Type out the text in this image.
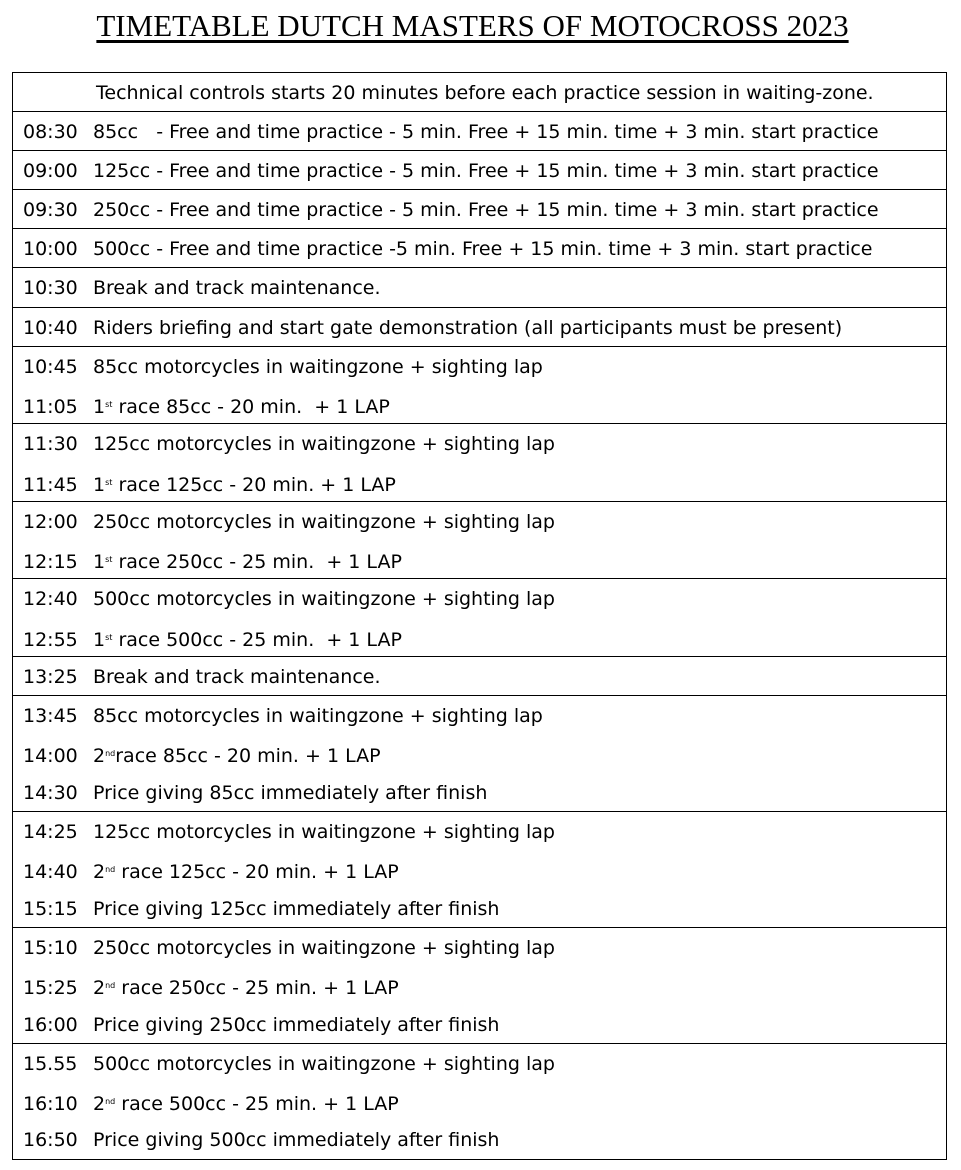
TIMETABLE DUTCH MASTERS OF MOTOCROSS 2023
Technical controls starts 20 minutes before each practice session in waiting-zone.
08:30 85cc   - Free and time practice - 5 min. Free + 15 min. time + 3 min. start practice
09:00 125cc - Free and time practice - 5 min. Free + 15 min. time + 3 min. start practice
09:30 250cc - Free and time practice - 5 min. Free + 15 min. time + 3 min. start practice
10:00 500cc - Free and time practice -5 min. Free + 15 min. time + 3 min. start practice
10:30 Break and track maintenance.
10:40 Riders briefing and start gate demonstration (all participants must be present)
10:45 85cc motorcycles in waitingzone + sighting lap
11:05 1st race 85cc - 20 min.  + 1 LAP
11:30 125cc motorcycles in waitingzone + sighting lap
11:45 1st race 125cc - 20 min. + 1 LAP
12:00 250cc motorcycles in waitingzone + sighting lap
12:15 1st race 250cc - 25 min.  + 1 LAP
12:40 500cc motorcycles in waitingzone + sighting lap
12:55 1st race 500cc - 25 min.  + 1 LAP
13:25 Break and track maintenance.
13:45 85cc motorcycles in waitingzone + sighting lap
14:00 2ndrace 85cc - 20 min. + 1 LAP
14:30 Price giving 85cc immediately after finish
14:25 125cc motorcycles in waitingzone + sighting lap
14:40 2nd race 125cc - 20 min. + 1 LAP
15:15 Price giving 125cc immediately after finish
15:10 250cc motorcycles in waitingzone + sighting lap
15:25 2nd race 250cc - 25 min. + 1 LAP
16:00 Price giving 250cc immediately after finish
15.55 500cc motorcycles in waitingzone + sighting lap
16:10 2nd race 500cc - 25 min. + 1 LAP
16:50 Price giving 500cc immediately after finish
